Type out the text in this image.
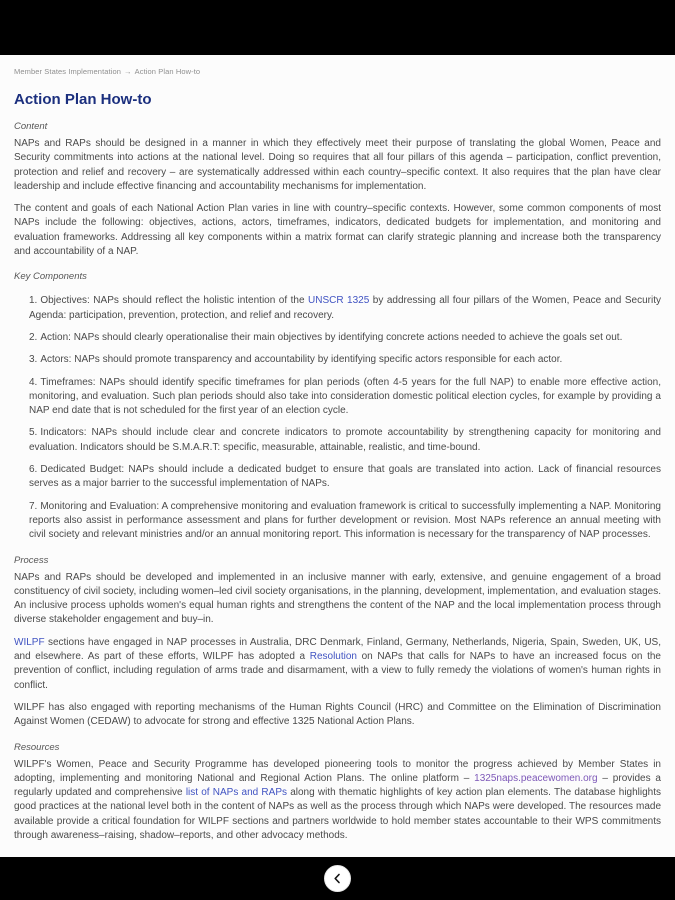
Member States Implementation → Action Plan How-to
Action Plan How-to
Content

NAPs and RAPs should be designed in a manner in which they effectively meet their purpose of translating the global Women, Peace and Security commitments into actions at the national level. Doing so requires that all four pillars of this agenda – participation, conflict prevention, protection and relief and recovery – are systematically addressed within each country–specific context. It also requires that the plan have clear leadership and include effective financing and accountability mechanisms for implementation.

The content and goals of each National Action Plan varies in line with country–specific contexts. However, some common components of most NAPs include the following: objectives, actions, actors, timeframes, indicators, dedicated budgets for implementation, and monitoring and evaluation frameworks. Addressing all key components within a matrix format can clarify strategic planning and increase both the transparency and accountability of a NAP.

Key Components
1. Objectives: NAPs should reflect the holistic intention of the UNSCR 1325 by addressing all four pillars of the Women, Peace and Security Agenda: participation, prevention, protection, and relief and recovery.
2. Action: NAPs should clearly operationalise their main objectives by identifying concrete actions needed to achieve the goals set out.
3. Actors: NAPs should promote transparency and accountability by identifying specific actors responsible for each actor.
4. Timeframes: NAPs should identify specific timeframes for plan periods (often 4-5 years for the full NAP) to enable more effective action, monitoring, and evaluation. Such plan periods should also take into consideration domestic political election cycles, for example by providing a NAP end date that is not scheduled for the first year of an election cycle.
5. Indicators: NAPs should include clear and concrete indicators to promote accountability by strengthening capacity for monitoring and evaluation. Indicators should be S.M.A.R.T: specific, measurable, attainable, realistic, and time-bound.
6. Dedicated Budget: NAPs should include a dedicated budget to ensure that goals are translated into action. Lack of financial resources serves as a major barrier to the successful implementation of NAPs.
7. Monitoring and Evaluation: A comprehensive monitoring and evaluation framework is critical to successfully implementing a NAP. Monitoring reports also assist in performance assessment and plans for further development or revision. Most NAPs reference an annual meeting with civil society and relevant ministries and/or an annual monitoring report. This information is necessary for the transparency of NAP processes.
Process

NAPs and RAPs should be developed and implemented in an inclusive manner with early, extensive, and genuine engagement of a broad constituency of civil society, including women–led civil society organisations, in the planning, development, implementation, and evaluation stages. An inclusive process upholds women's equal human rights and strengthens the content of the NAP and the local implementation process through diverse stakeholder engagement and buy–in.

WILPF sections have engaged in NAP processes in Australia, DRC Denmark, Finland, Germany, Netherlands, Nigeria, Spain, Sweden, UK, US, and elsewhere. As part of these efforts, WILPF has adopted a Resolution on NAPs that calls for NAPs to have an increased focus on the prevention of conflict, including regulation of arms trade and disarmament, with a view to fully remedy the violations of women's human rights in conflict.

WILPF has also engaged with reporting mechanisms of the Human Rights Council (HRC) and Committee on the Elimination of Discrimination Against Women (CEDAW) to advocate for strong and effective 1325 National Action Plans.

Resources

WILPF's Women, Peace and Security Programme has developed pioneering tools to monitor the progress achieved by Member States in adopting, implementing and monitoring National and Regional Action Plans. The online platform – 1325naps.peacewomen.org – provides a regularly updated and comprehensive list of NAPs and RAPs along with thematic highlights of key action plan elements. The database highlights good practices at the national level both in the content of NAPs as well as the process through which NAPs were developed. The resources made available provide a critical foundation for WILPF sections and partners worldwide to hold member states accountable to their WPS commitments through awareness–raising, shadow–reports, and other advocacy methods.
